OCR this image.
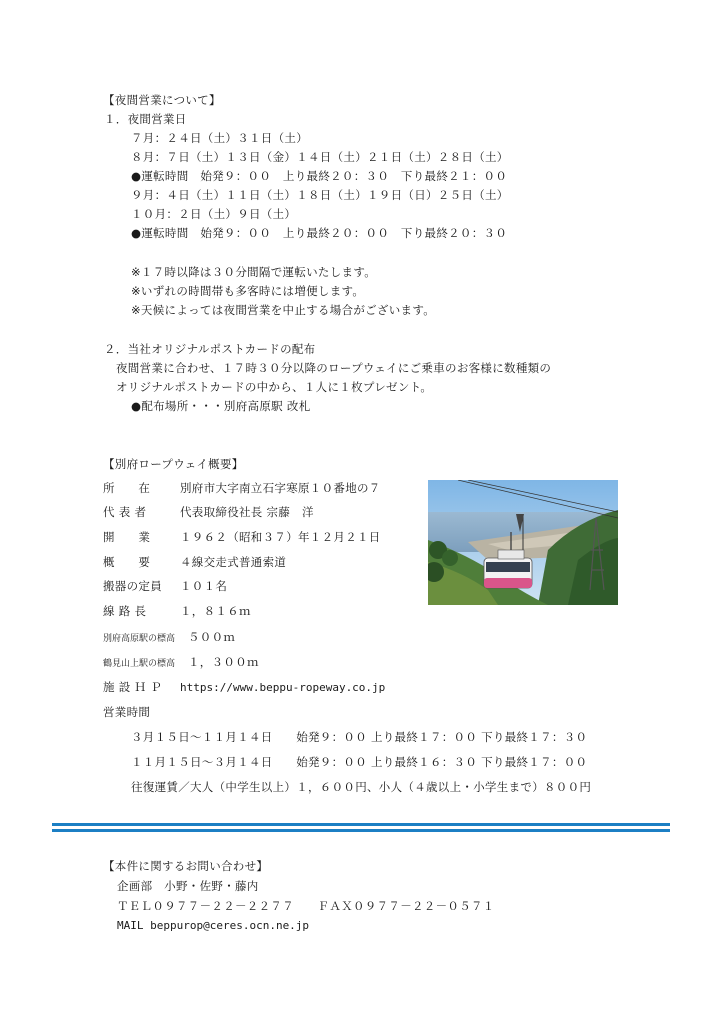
【夜間営業について】
１．夜間営業日
７月：２４日（土）３１日（土）
８月：７日（土）１３日（金）１４日（土）２１日（土）２８日（土）
●運転時間　始発９：００　上り最終２０：３０　下り最終２１：００
９月：４日（土）１１日（土）１８日（土）１９日（日）２５日（土）
１０月：２日（土）９日（土）
●運転時間　始発９：００　上り最終２０：００　下り最終２０：３０
※１７時以降は３０分間隔で運転いたします。
※いずれの時間帯も多客時には増便します。
※天候によっては夜間営業を中止する場合がございます。
２．当社オリジナルポストカードの配布
夜間営業に合わせ、１７時３０分以降のロープウェイにご乗車のお客様に数種類の
オリジナルポストカードの中から、１人に１枚プレゼント。
●配布場所・・・別府高原駅 改札
【別府ロープウェイ概要】
所　　在	別府市大字南立石字寒原１０番地の７
代 表 者	代表取締役社長 宗藤　洋
開　　業	１９６２（昭和３７）年１２月２１日
概　　要	４線交走式普通索道
搬器の定員 １０１名
線 路 長	１，８１６ｍ
別府高原駅の標高 ５００ｍ
鶴見山上駅の標高 １，３００ｍ
施 設 Ｈ Ｐ https://www.beppu-ropeway.co.jp
営業時間
３月１５日～１１月１４日　　始発９：００ 上り最終１７：００ 下り最終１７：３０
１１月１５日～３月１４日　　始発９：００ 上り最終１６：３０ 下り最終１７：００
往復運賃／大人（中学生以上）１，６００円、小人（４歳以上・小学生まで）８００円
【本件に関するお問い合わせ】
企画部　小野・佐野・藤内
ＴＥＬ０９７７－２２－２２７７　　ＦＡＸ０９７７－２２－０５７１
MAIL beppurop@ceres.ocn.ne.jp
